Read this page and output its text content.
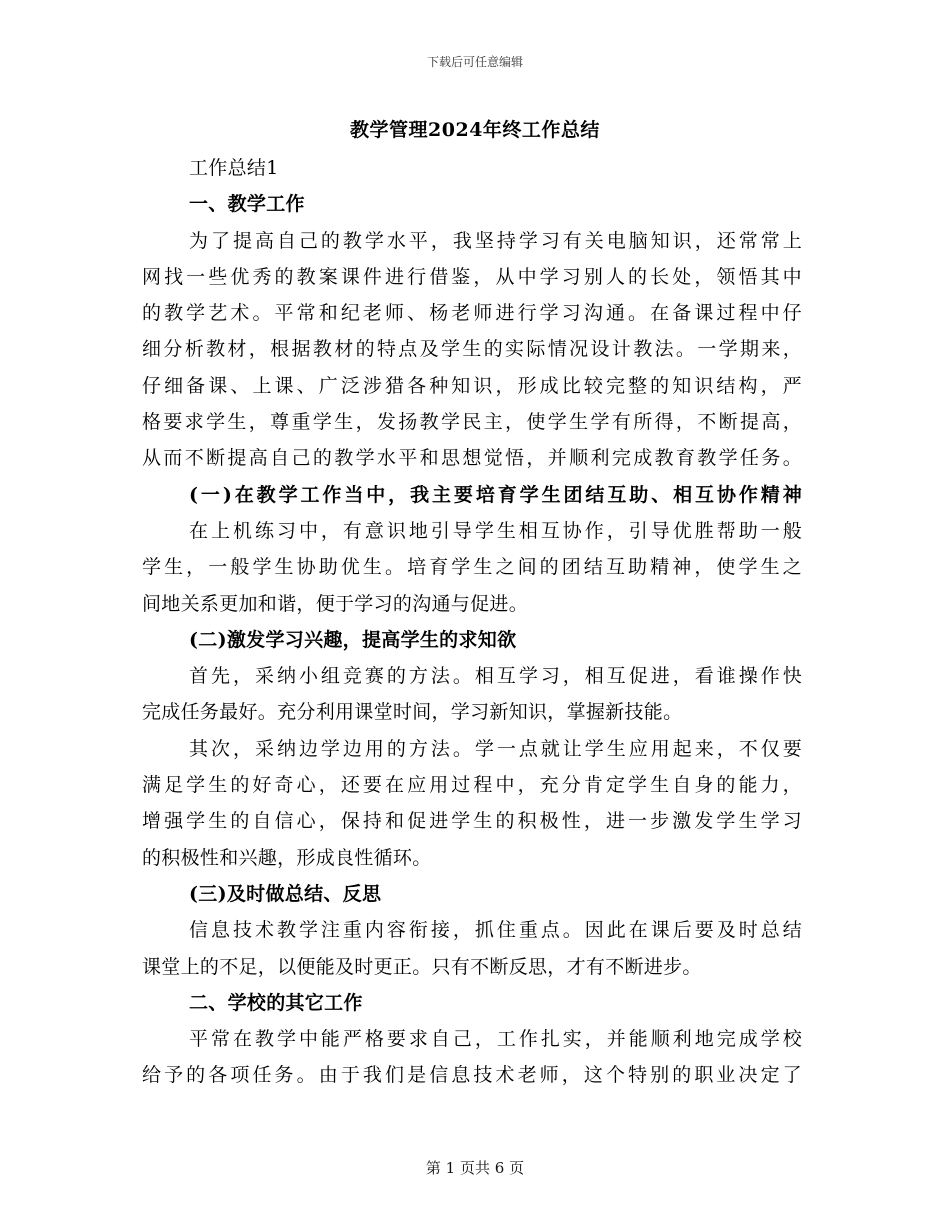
下载后可任意编辑
教学管理2024年终工作总结
工作总结1
一、教学工作
为了提高自己的教学水平，我坚持学习有关电脑知识，还常常上
网找一些优秀的教案课件进行借鉴，从中学习别人的长处，领悟其中
的教学艺术。平常和纪老师、杨老师进行学习沟通。在备课过程中仔
细分析教材，根据教材的特点及学生的实际情况设计教法。一学期来，
仔细备课、上课、广泛涉猎各种知识，形成比较完整的知识结构，严
格要求学生，尊重学生，发扬教学民主，使学生学有所得，不断提高，
从而不断提高自己的教学水平和思想觉悟，并顺利完成教育教学任务。
(一)在教学工作当中，我主要培育学生团结互助、相互协作精神
在上机练习中，有意识地引导学生相互协作，引导优胜帮助一般
学生，一般学生协助优生。培育学生之间的团结互助精神，使学生之
间地关系更加和谐，便于学习的沟通与促进。
(二)激发学习兴趣，提高学生的求知欲
首先，采纳小组竞赛的方法。相互学习，相互促进，看谁操作快
完成任务最好。充分利用课堂时间，学习新知识，掌握新技能。
其次，采纳边学边用的方法。学一点就让学生应用起来，不仅要
满足学生的好奇心，还要在应用过程中，充分肯定学生自身的能力，
增强学生的自信心，保持和促进学生的积极性，进一步激发学生学习
的积极性和兴趣，形成良性循环。
(三)及时做总结、反思
信息技术教学注重内容衔接，抓住重点。因此在课后要及时总结
课堂上的不足，以便能及时更正。只有不断反思，才有不断进步。
二、学校的其它工作
平常在教学中能严格要求自己，工作扎实，并能顺利地完成学校
给予的各项任务。由于我们是信息技术老师，这个特别的职业决定了
第 1 页共 6 页
